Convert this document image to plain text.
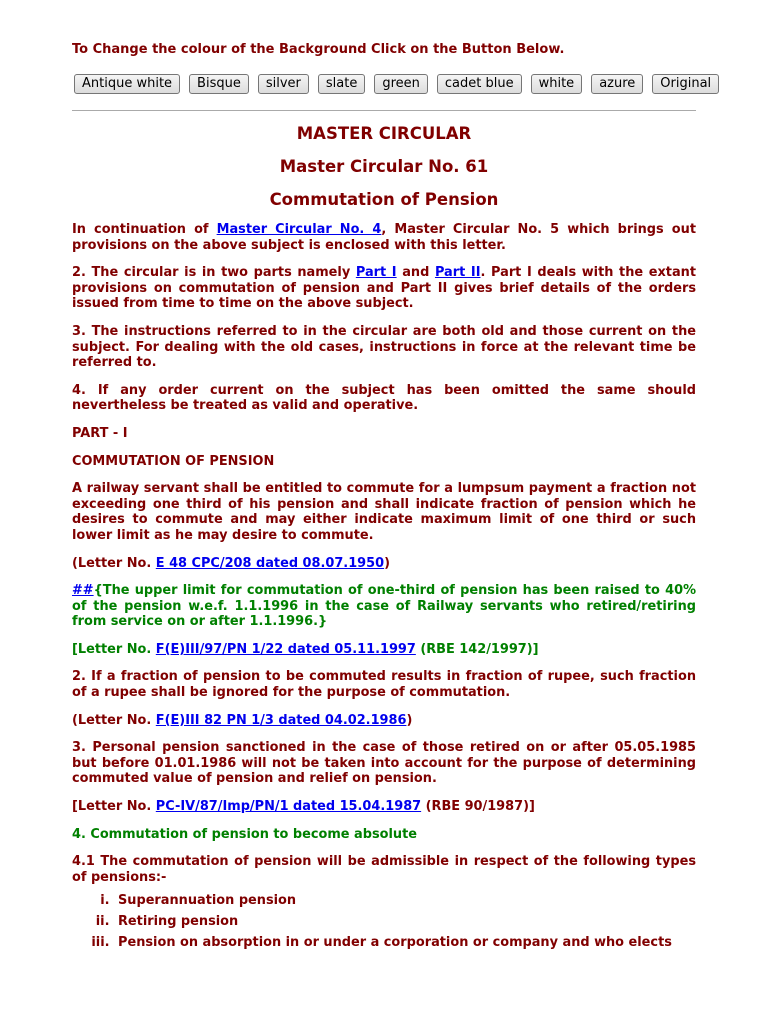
To Change the colour of the Background Click on the Button Below.
Antique white	Bisque	silver	slate	green	cadet blue	white	azure	Original
MASTER CIRCULAR
Master Circular No. 61
Commutation of Pension

In continuation of Master Circular No. 4, Master Circular No. 5 which brings out provisions on the above subject is enclosed with this letter.

2. The circular is in two parts namely Part I and Part II. Part I deals with the extant provisions on commutation of pension and Part II gives brief details of the orders issued from time to time on the above subject.

3. The instructions referred to in the circular are both old and those current on the subject. For dealing with the old cases, instructions in force at the relevant time be referred to.

4. If any order current on the subject has been omitted the same should nevertheless be treated as valid and operative.

PART - I

COMMUTATION OF PENSION

A railway servant shall be entitled to commute for a lumpsum payment a fraction not exceeding one third of his pension and shall indicate fraction of pension which he desires to commute and may either indicate maximum limit of one third or such lower limit as he may desire to commute.

(Letter No. E 48 CPC/208 dated 08.07.1950)

##{The upper limit for commutation of one-third of pension has been raised to 40% of the pension w.e.f. 1.1.1996 in the case of Railway servants who retired/retiring from service on or after 1.1.1996.}

[Letter No. F(E)III/97/PN 1/22 dated 05.11.1997 (RBE 142/1997)]

2. If a fraction of pension to be commuted results in fraction of rupee, such fraction of a rupee shall be ignored for the purpose of commutation.

(Letter No. F(E)III 82 PN 1/3 dated 04.02.1986)

3. Personal pension sanctioned in the case of those retired on or after 05.05.1985 but before 01.01.1986 will not be taken into account for the purpose of determining commuted value of pension and relief on pension.

[Letter No. PC-IV/87/Imp/PN/1 dated 15.04.1987 (RBE 90/1987)]

4. Commutation of pension to become absolute

4.1 The commutation of pension will be admissible in respect of the following types of pensions:-

i. Superannuation pension
ii. Retiring pension
iii. Pension on absorption in or under a corporation or company and who elects
